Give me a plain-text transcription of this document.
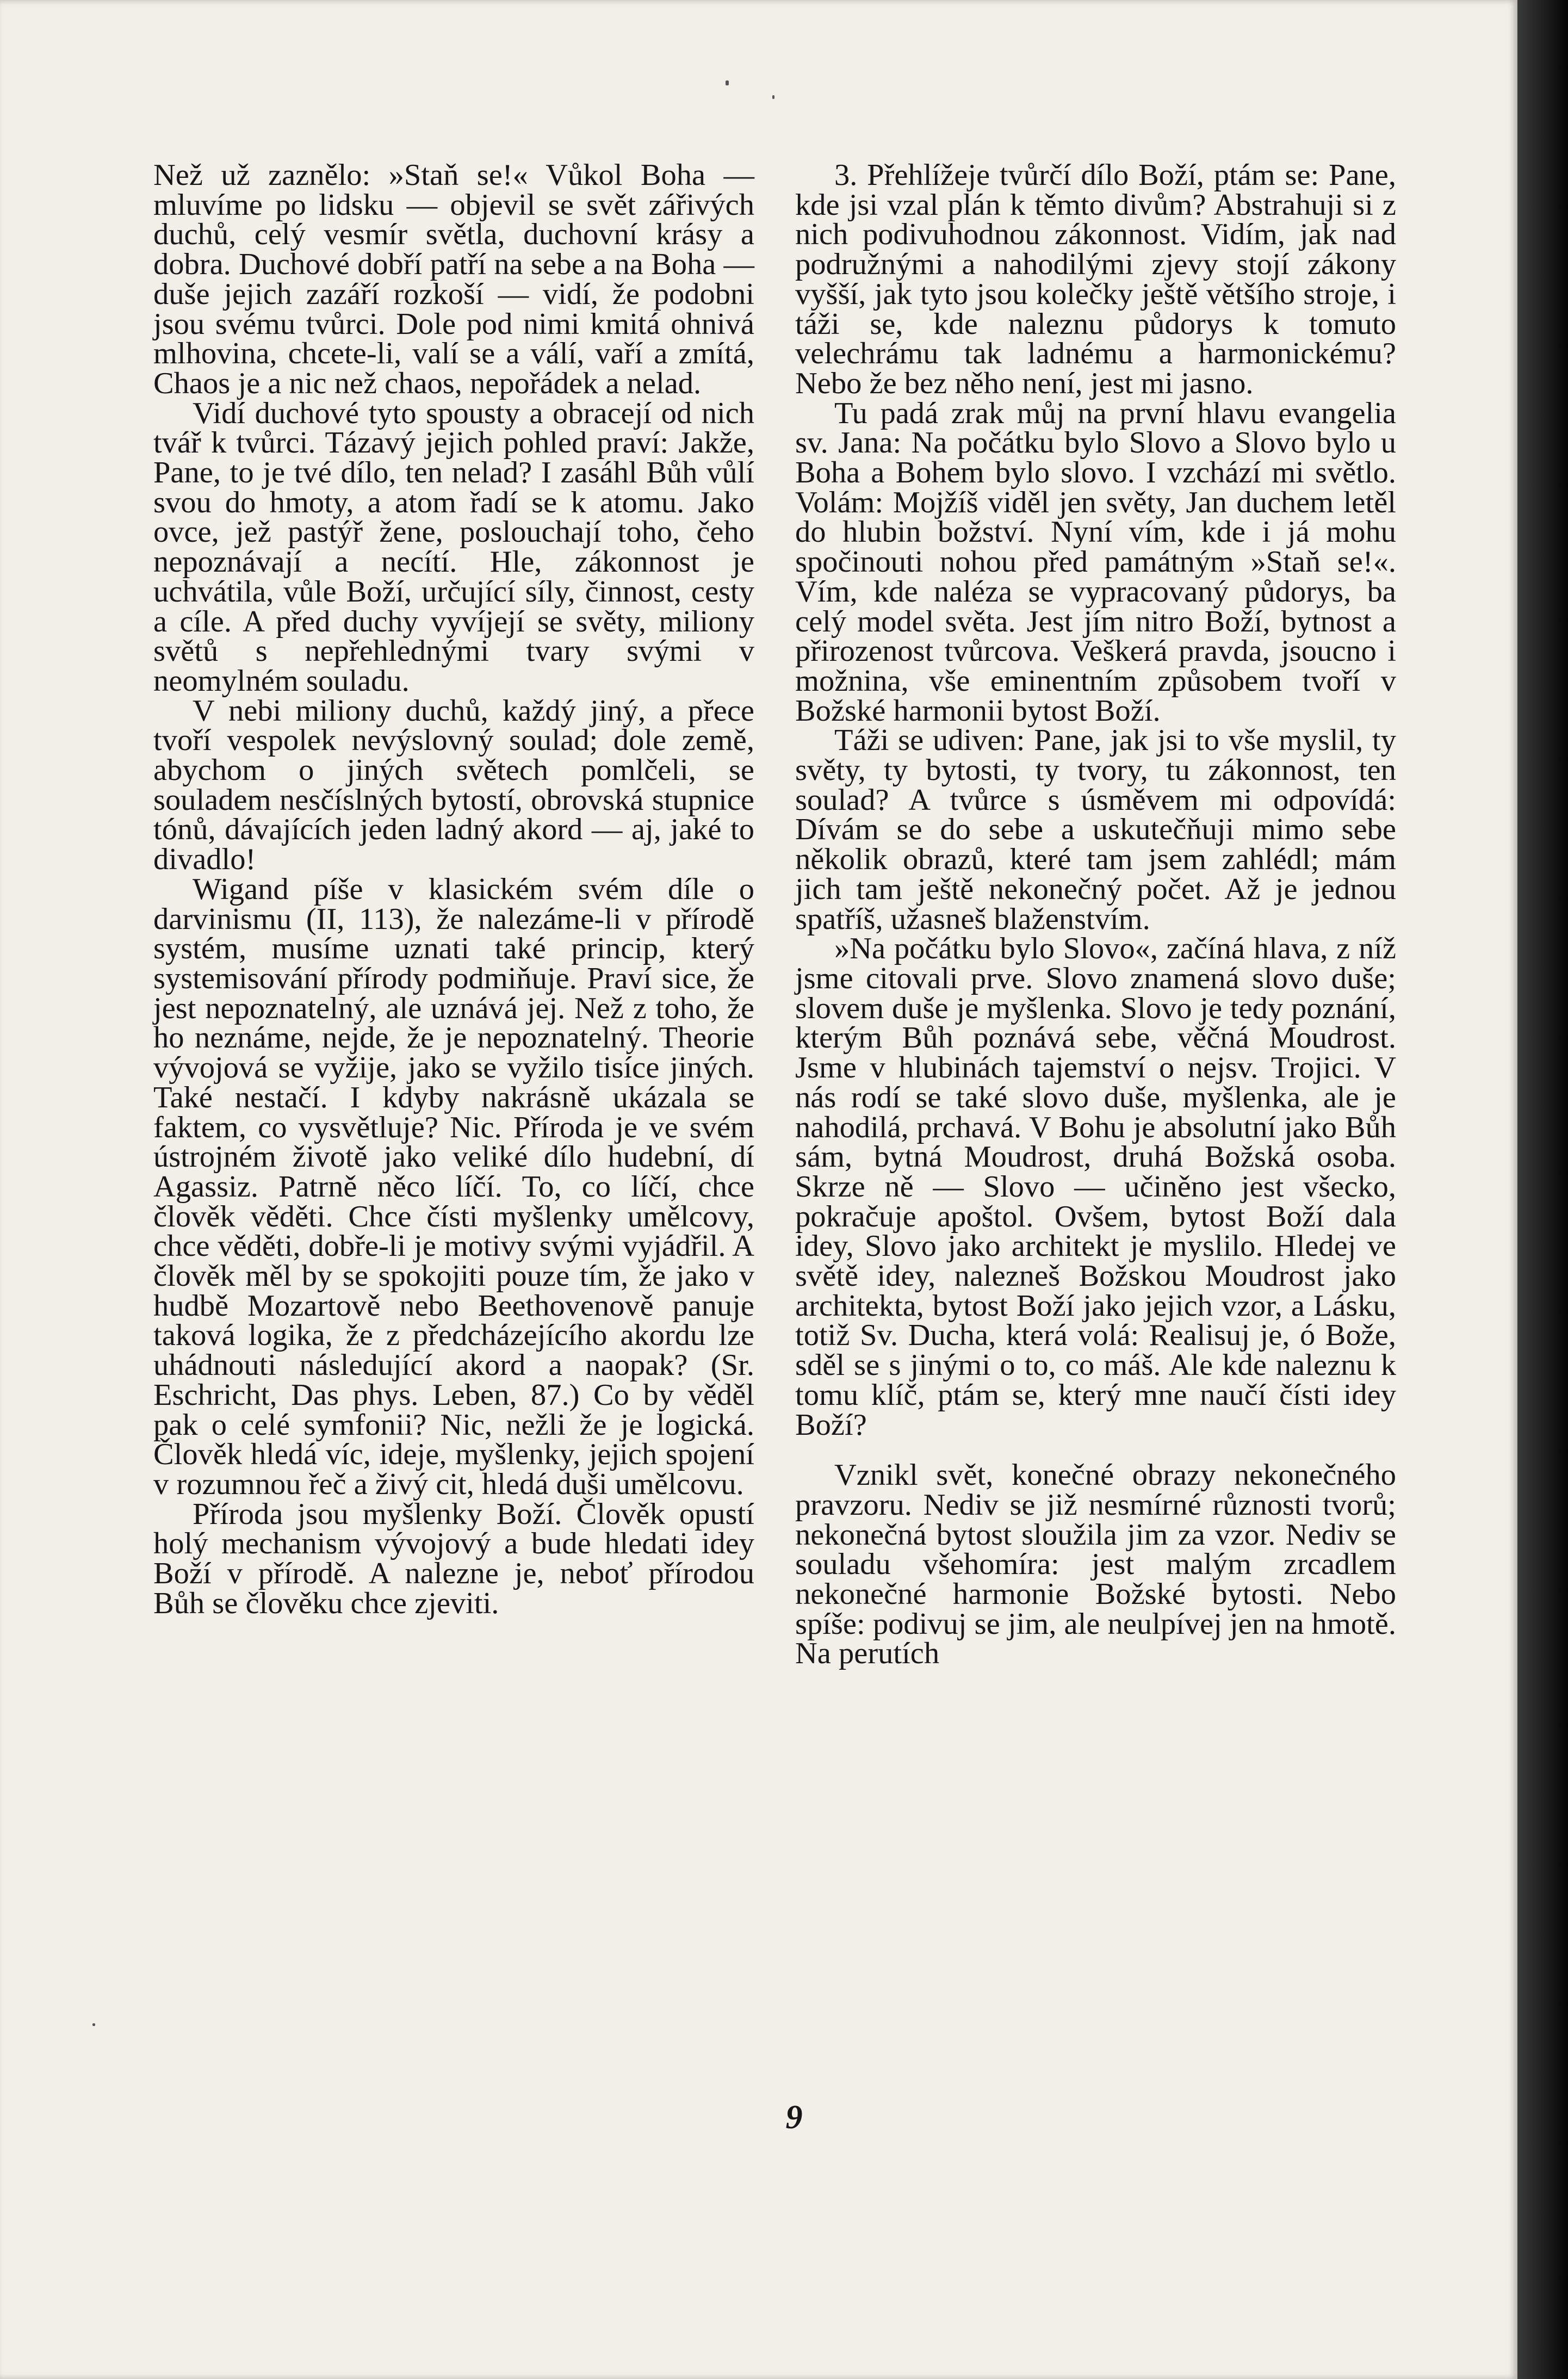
Než už zaznělo: »Staň se!« Vůkol Boha — mluvíme po lidsku — objevil se svět zářivých duchů, celý vesmír světla, duchovní krásy a dobra. Duchové dobří patří na sebe a na Boha — duše jejich zazáří rozkoší — vidí, že podobni jsou svému tvůrci. Dole pod nimi kmitá ohnivá mlhovina, chcete-li, valí se a válí, vaří a zmítá, Chaos je a nic než chaos, nepořádek a nelad.

Vidí duchové tyto spousty a obracejí od nich tvář k tvůrci. Tázavý jejich pohled praví: Jakže, Pane, to je tvé dílo, ten nelad? I zasáhl Bůh vůlí svou do hmoty, a atom řadí se k atomu. Jako ovce, jež pastýř žene, poslouchají toho, čeho nepoznávají a necítí. Hle, zákonnost je uchvátila, vůle Boží, určující síly, činnost, cesty a cíle. A před duchy vyvíjejí se světy, miliony světů s nepřehlednými tvary svými v neomylném souladu.

V nebi miliony duchů, každý jiný, a přece tvoří vespolek nevýslovný soulad; dole země, abychom o jiných světech pomlčeli, se souladem nesčíslných bytostí, obrovská stupnice tónů, dávajících jeden ladný akord — aj, jaké to divadlo!

Wigand píše v klasickém svém díle o darvinismu (II, 113), že nalezáme-li v přírodě systém, musíme uznati také princip, který systemisování přírody podmiňuje. Praví sice, že jest nepoznatelný, ale uznává jej. Než z toho, že ho neznáme, nejde, že je nepoznatelný. Theorie vývojová se vyžije, jako se vyžilo tisíce jiných. Také nestačí. I kdyby nakrásně ukázala se faktem, co vysvětluje? Nic. Příroda je ve svém ústrojném životě jako veliké dílo hudební, dí Agassiz. Patrně něco líčí. To, co líčí, chce člověk věděti. Chce čísti myšlenky umělcovy, chce věděti, dobře-li je motivy svými vyjádřil. A člověk měl by se spokojiti pouze tím, že jako v hudbě Mozartově nebo Beethovenově panuje taková logika, že z předcházejícího akordu lze uhádnouti následující akord a naopak? (Sr. Eschricht, Das phys. Leben, 87.) Co by věděl pak o celé symfonii? Nic, nežli že je logická. Člověk hledá víc, ideje, myšlenky, jejich spojení v rozumnou řeč a živý cit, hledá duši umělcovu.

Příroda jsou myšlenky Boží. Člověk opustí holý mechanism vývojový a bude hledati idey Boží v přírodě. A nalezne je, neboť přírodou Bůh se člověku chce zjeviti.

3. Přehlížeje tvůrčí dílo Boží, ptám se: Pane, kde jsi vzal plán k těmto divům? Abstrahuji si z nich podivuhodnou zákonnost. Vidím, jak nad podružnými a nahodilými zjevy stojí zákony vyšší, jak tyto jsou kolečky ještě většího stroje, i táži se, kde naleznu půdorys k tomuto velechrámu tak ladnému a harmonickému? Nebo že bez něho není, jest mi jasno.

Tu padá zrak můj na první hlavu evangelia sv. Jana: Na počátku bylo Slovo a Slovo bylo u Boha a Bohem bylo slovo. I vzchází mi světlo. Volám: Mojžíš viděl jen světy, Jan duchem letěl do hlubin božství. Nyní vím, kde i já mohu spočinouti nohou před památným »Staň se!«. Vím, kde naléza se vypracovaný půdorys, ba celý model světa. Jest jím nitro Boží, bytnost a přirozenost tvůrcova. Veškerá pravda, jsoucno i možnina, vše eminentním způsobem tvoří v Božské harmonii bytost Boží.

Táži se udiven: Pane, jak jsi to vše myslil, ty světy, ty bytosti, ty tvory, tu zákonnost, ten soulad? A tvůrce s úsměvem mi odpovídá: Dívám se do sebe a uskutečňuji mimo sebe několik obrazů, které tam jsem zahlédl; mám jich tam ještě nekonečný počet. Až je jednou spatříš, užasneš blaženstvím.

»Na počátku bylo Slovo«, začíná hlava, z níž jsme citovali prve. Slovo znamená slovo duše; slovem duše je myšlenka. Slovo je tedy poznání, kterým Bůh poznává sebe, věčná Moudrost. Jsme v hlubinách tajemství o nejsv. Trojici. V nás rodí se také slovo duše, myšlenka, ale je nahodilá, prchavá. V Bohu je absolutní jako Bůh sám, bytná Moudrost, druhá Božská osoba. Skrze ně — Slovo — učiněno jest všecko, pokračuje apoštol. Ovšem, bytost Boží dala idey, Slovo jako architekt je myslilo. Hledej ve světě idey, nalezneš Božskou Moudrost jako architekta, bytost Boží jako jejich vzor, a Lásku, totiž Sv. Ducha, která volá: Realisuj je, ó Bože, sděl se s jinými o to, co máš. Ale kde naleznu k tomu klíč, ptám se, který mne naučí čísti idey Boží?

Vznikl svět, konečné obrazy nekonečného pravzoru. Nediv se již nesmírné různosti tvorů; nekonečná bytost sloužila jim za vzor. Nediv se souladu všehomíra: jest malým zrcadlem nekonečné harmonie Božské bytosti. Nebo spíše: podivuj se jim, ale neulpívej jen na hmotě. Na perutích

9
